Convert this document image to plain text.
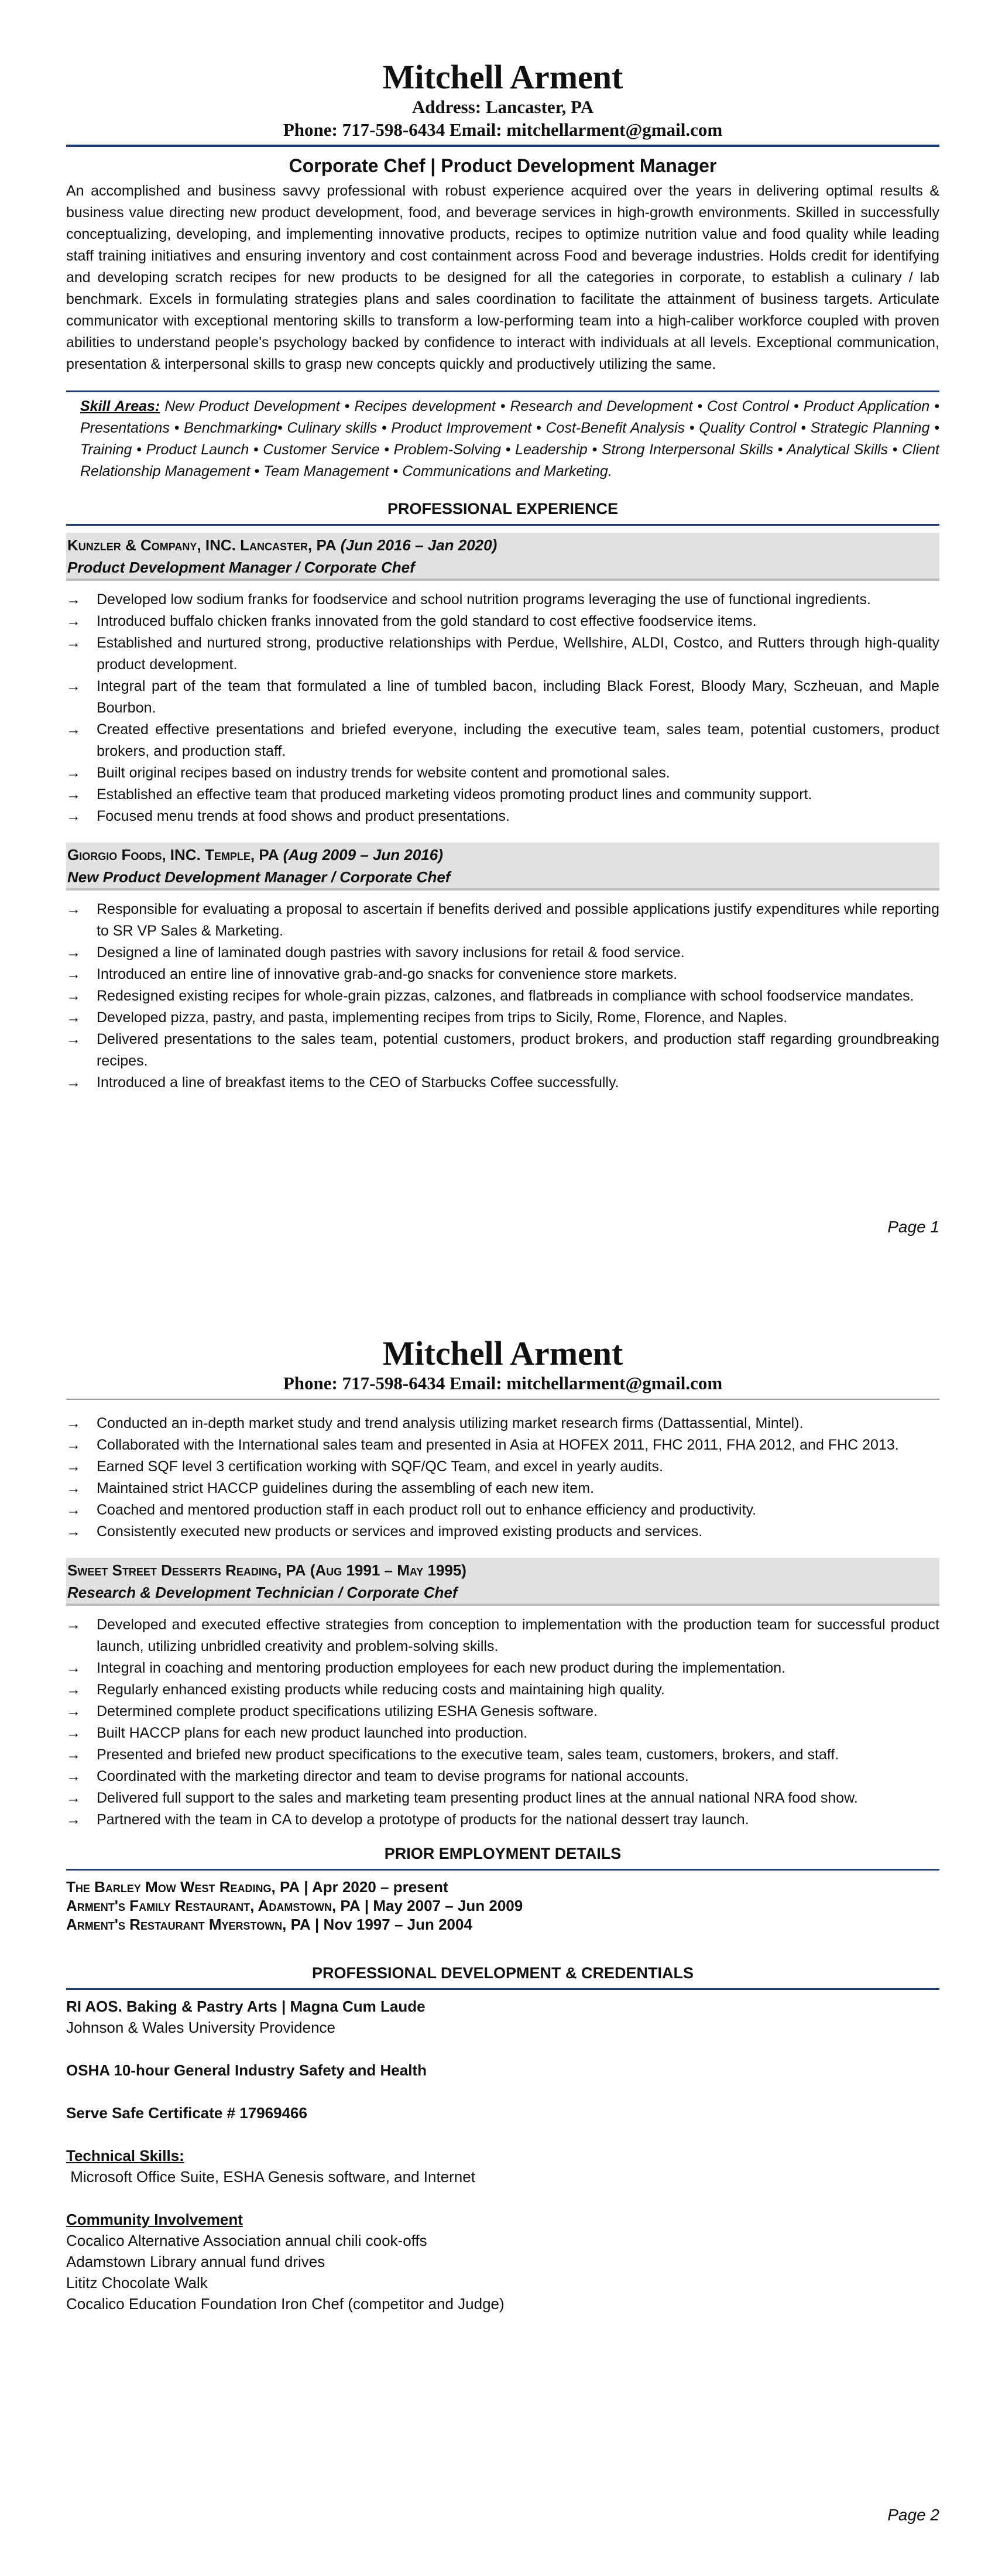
Mitchell Arment
Address: Lancaster, PA
Phone: 717-598-6434 Email: mitchellarment@gmail.com
Corporate Chef | Product Development Manager

An accomplished and business savvy professional with robust experience acquired over the years in delivering optimal results & business value directing new product development, food, and beverage services in high-growth environments. Skilled in successfully conceptualizing, developing, and implementing innovative products, recipes to optimize nutrition value and food quality while leading staff training initiatives and ensuring inventory and cost containment across Food and beverage industries. Holds credit for identifying and developing scratch recipes for new products to be designed for all the categories in corporate, to establish a culinary / lab benchmark. Excels in formulating strategies plans and sales coordination to facilitate the attainment of business targets. Articulate communicator with exceptional mentoring skills to transform a low-performing team into a high-caliber workforce coupled with proven abilities to understand people's psychology backed by confidence to interact with individuals at all levels. Exceptional communication, presentation & interpersonal skills to grasp new concepts quickly and productively utilizing the same.

Skill Areas: New Product Development • Recipes development • Research and Development • Cost Control • Product Application • Presentations • Benchmarking• Culinary skills • Product Improvement • Cost-Benefit Analysis • Quality Control • Strategic Planning • Training • Product Launch • Customer Service • Problem-Solving • Leadership • Strong Interpersonal Skills • Analytical Skills • Client Relationship Management • Team Management • Communications and Marketing.

PROFESSIONAL EXPERIENCE
Kunzler & Company, INC. Lancaster, PA (Jun 2016 – Jan 2020)
Product Development Manager / Corporate Chef
→ Developed low sodium franks for foodservice and school nutrition programs leveraging the use of functional ingredients.
→ Introduced buffalo chicken franks innovated from the gold standard to cost effective foodservice items.
→ Established and nurtured strong, productive relationships with Perdue, Wellshire, ALDI, Costco, and Rutters through high-quality product development.
→ Integral part of the team that formulated a line of tumbled bacon, including Black Forest, Bloody Mary, Sczheuan, and Maple Bourbon.
→ Created effective presentations and briefed everyone, including the executive team, sales team, potential customers, product brokers, and production staff.
→ Built original recipes based on industry trends for website content and promotional sales.
→ Established an effective team that produced marketing videos promoting product lines and community support.
→ Focused menu trends at food shows and product presentations.
Giorgio Foods, INC. Temple, PA (Aug 2009 – Jun 2016)
New Product Development Manager / Corporate Chef
→ Responsible for evaluating a proposal to ascertain if benefits derived and possible applications justify expenditures while reporting to SR VP Sales & Marketing.
→ Designed a line of laminated dough pastries with savory inclusions for retail & food service.
→ Introduced an entire line of innovative grab-and-go snacks for convenience store markets.
→ Redesigned existing recipes for whole-grain pizzas, calzones, and flatbreads in compliance with school foodservice mandates.
→ Developed pizza, pastry, and pasta, implementing recipes from trips to Sicily, Rome, Florence, and Naples.
→ Delivered presentations to the sales team, potential customers, product brokers, and production staff regarding groundbreaking recipes.
→ Introduced a line of breakfast items to the CEO of Starbucks Coffee successfully.
Page 1
Mitchell Arment
Phone: 717-598-6434 Email: mitchellarment@gmail.com
→ Conducted an in-depth market study and trend analysis utilizing market research firms (Dattassential, Mintel).
→ Collaborated with the International sales team and presented in Asia at HOFEX 2011, FHC 2011, FHA 2012, and FHC 2013.
→ Earned SQF level 3 certification working with SQF/QC Team, and excel in yearly audits.
→ Maintained strict HACCP guidelines during the assembling of each new item.
→ Coached and mentored production staff in each product roll out to enhance efficiency and productivity.
→ Consistently executed new products or services and improved existing products and services.
Sweet Street Desserts Reading, PA (Aug 1991 – May 1995)
Research & Development Technician / Corporate Chef
→ Developed and executed effective strategies from conception to implementation with the production team for successful product launch, utilizing unbridled creativity and problem-solving skills.
→ Integral in coaching and mentoring production employees for each new product during the implementation.
→ Regularly enhanced existing products while reducing costs and maintaining high quality.
→ Determined complete product specifications utilizing ESHA Genesis software.
→ Built HACCP plans for each new product launched into production.
→ Presented and briefed new product specifications to the executive team, sales team, customers, brokers, and staff.
→ Coordinated with the marketing director and team to devise programs for national accounts.
→ Delivered full support to the sales and marketing team presenting product lines at the annual national NRA food show.
→ Partnered with the team in CA to develop a prototype of products for the national dessert tray launch.
PRIOR EMPLOYMENT DETAILS
The Barley Mow West Reading, PA | Apr 2020 – present
Arment's Family Restaurant, Adamstown, PA | May 2007 – Jun 2009
Arment's Restaurant Myerstown, PA | Nov 1997 – Jun 2004
PROFESSIONAL DEVELOPMENT & CREDENTIALS
RI AOS. Baking & Pastry Arts | Magna Cum Laude
Johnson & Wales University Providence
OSHA 10-hour General Industry Safety and Health
Serve Safe Certificate # 17969466
Technical Skills:
Microsoft Office Suite, ESHA Genesis software, and Internet
Community Involvement
Cocalico Alternative Association annual chili cook-offs
Adamstown Library annual fund drives
Lititz Chocolate Walk
Cocalico Education Foundation Iron Chef (competitor and Judge)
Page 2
